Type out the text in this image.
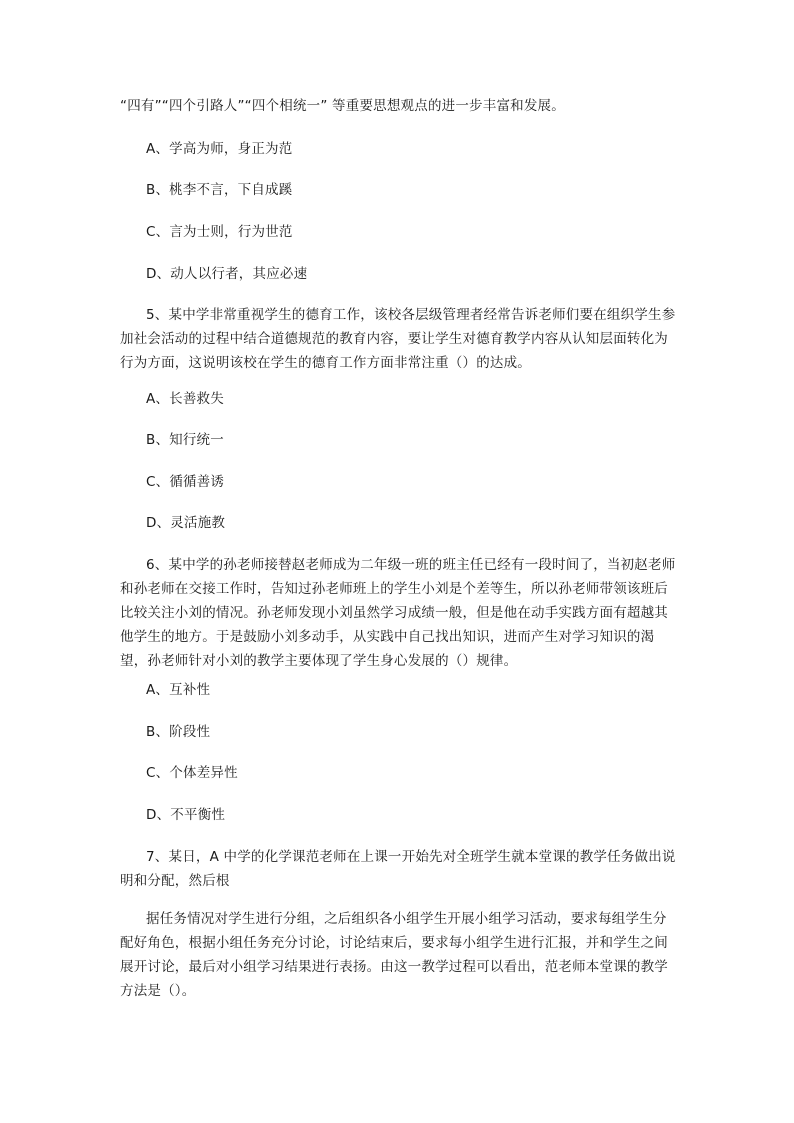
“四有”“四个引路人”“四个相统一” 等重要思想观点的进一步丰富和发展。
A、学高为师，身正为范
B、桃李不言，下自成蹊
C、言为士则，行为世范
D、动人以行者，其应必速
5、某中学非常重视学生的德育工作，该校各层级管理者经常告诉老师们要在组织学生参加社会活动的过程中结合道德规范的教育内容，要让学生对德育教学内容从认知层面转化为行为方面，这说明该校在学生的德育工作方面非常注重（）的达成。
A、长善救失
B、知行统一
C、循循善诱
D、灵活施教
6、某中学的孙老师接替赵老师成为二年级一班的班主任已经有一段时间了，当初赵老师和孙老师在交接工作时，告知过孙老师班上的学生小刘是个差等生，所以孙老师带领该班后比较关注小刘的情况。孙老师发现小刘虽然学习成绩一般，但是他在动手实践方面有超越其他学生的地方。于是鼓励小刘多动手，从实践中自己找出知识，进而产生对学习知识的渴望，孙老师针对小刘的教学主要体现了学生身心发展的（）规律。
A、互补性
B、阶段性
C、个体差异性
D、不平衡性
7、某日，A 中学的化学课范老师在上课一开始先对全班学生就本堂课的教学任务做出说明和分配，然后根
据任务情况对学生进行分组，之后组织各小组学生开展小组学习活动，要求每组学生分配好角色，根据小组任务充分讨论，讨论结束后，要求每小组学生进行汇报，并和学生之间展开讨论，最后对小组学习结果进行表扬。由这一教学过程可以看出，范老师本堂课的教学方法是（）。
